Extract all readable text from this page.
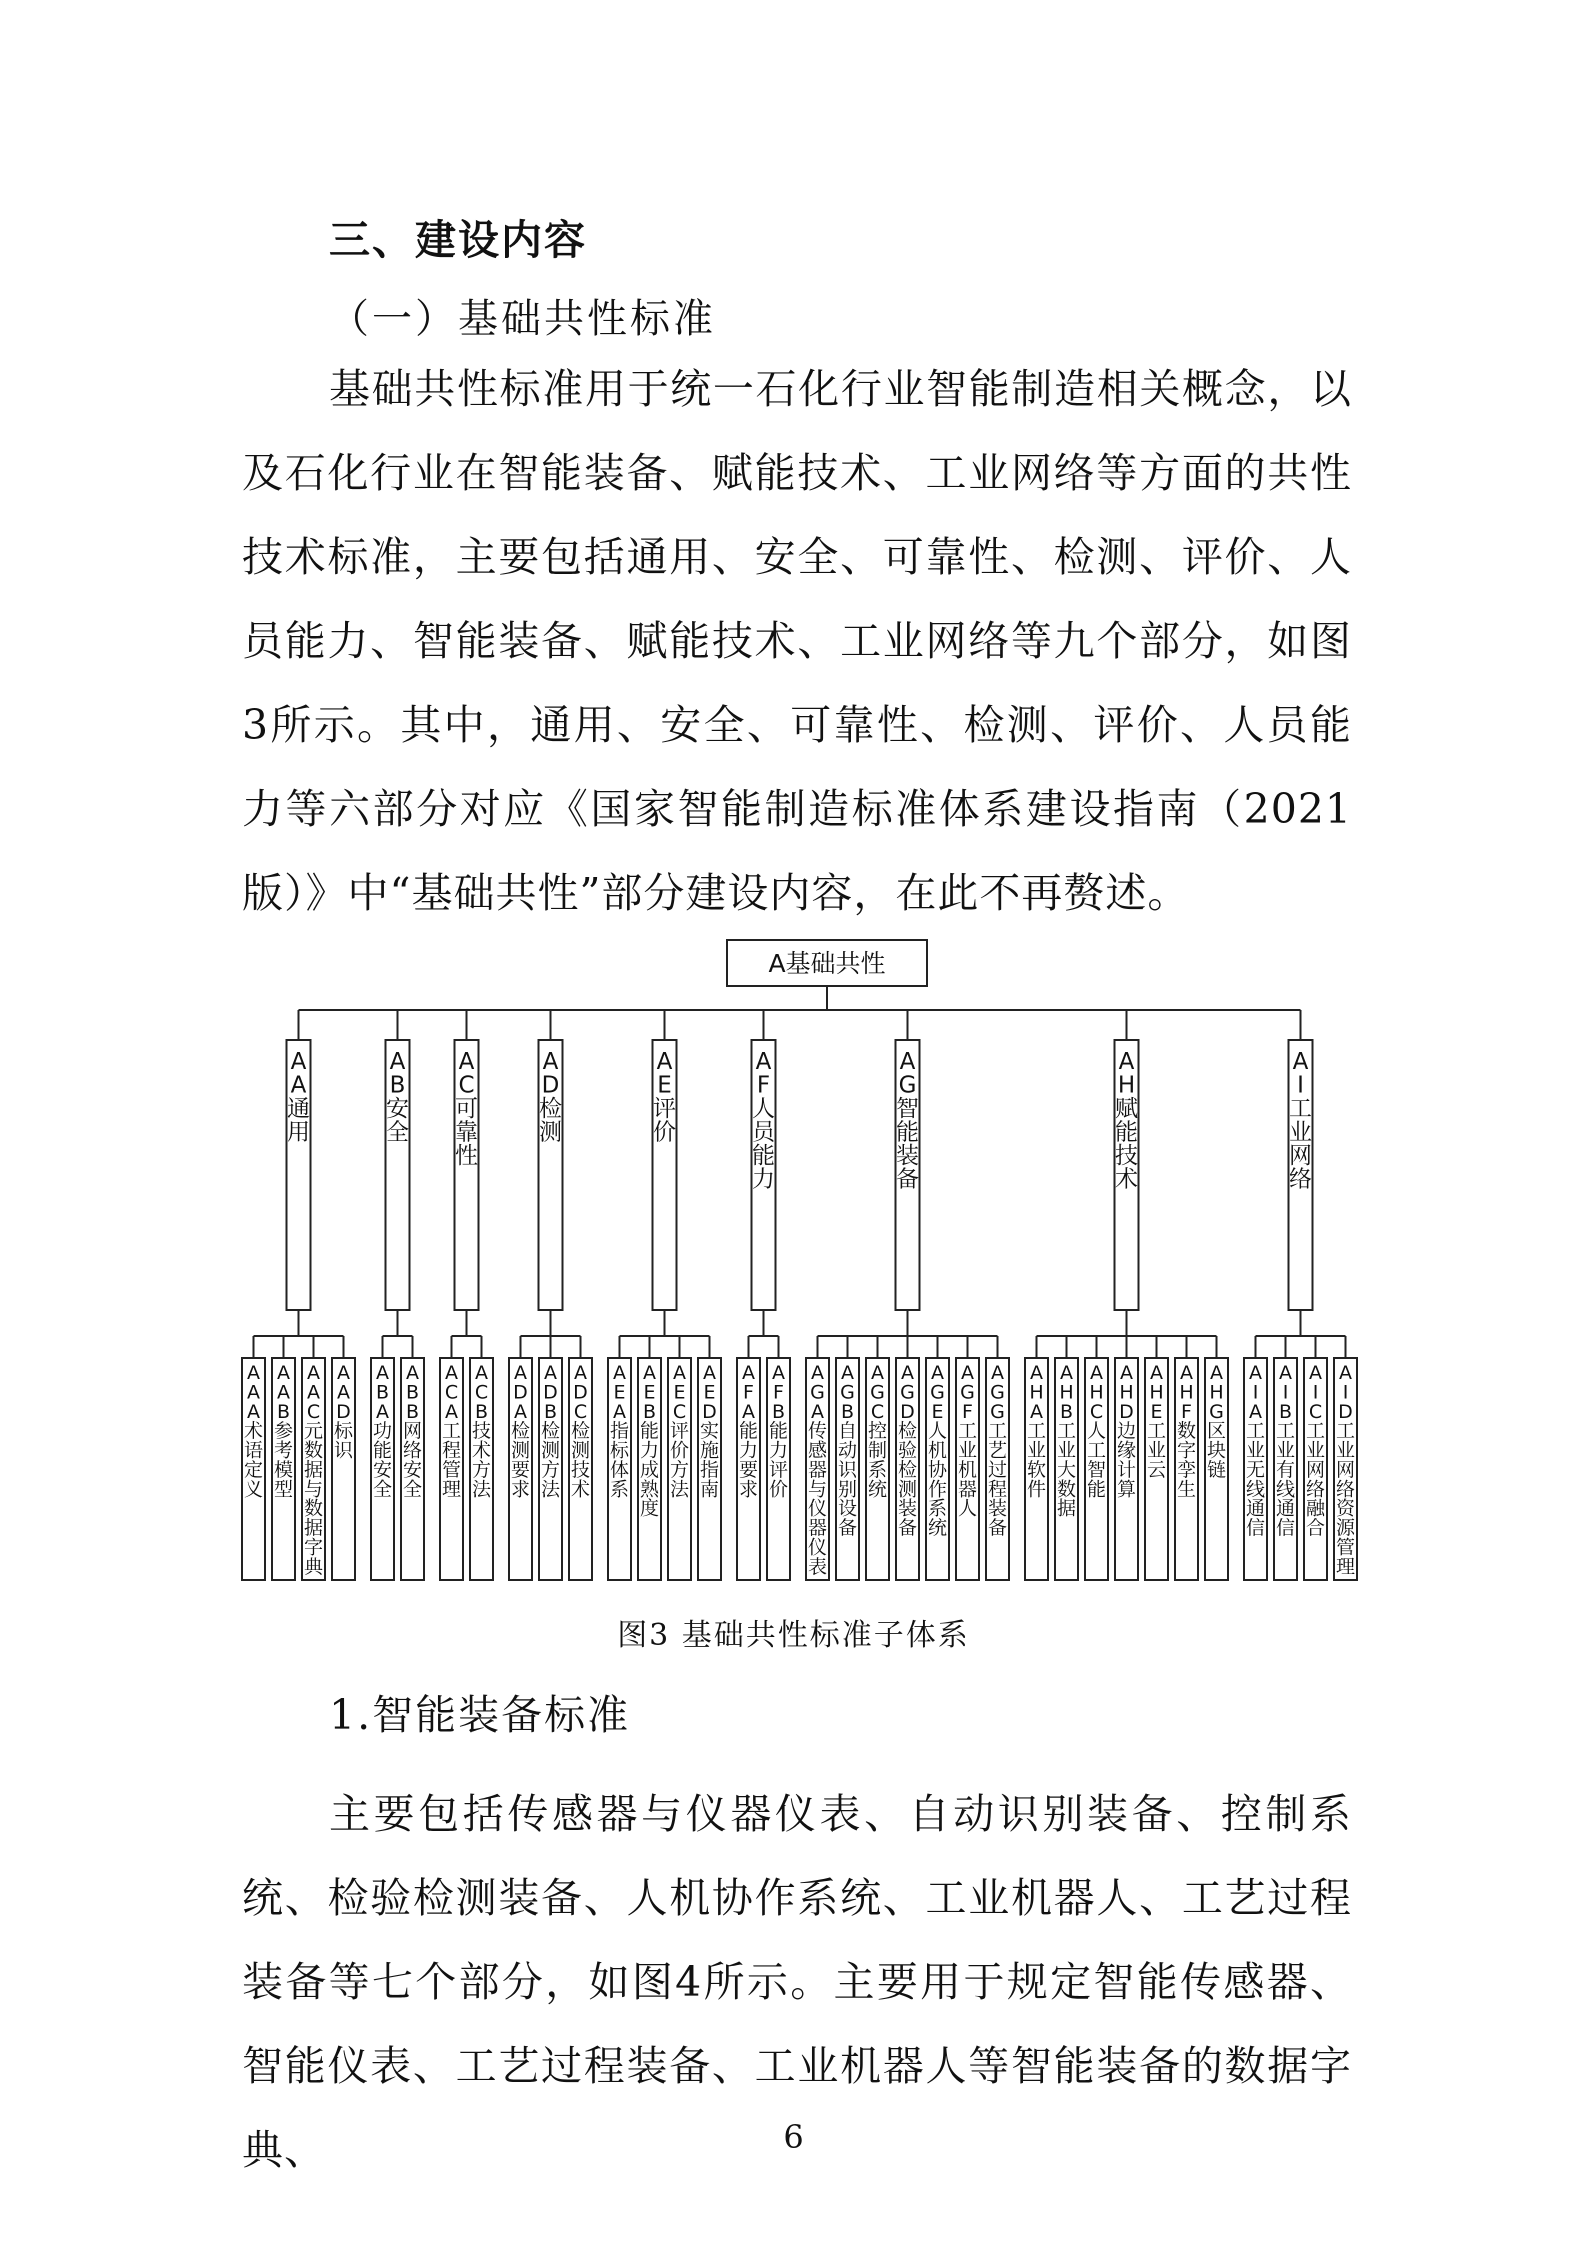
三、建设内容
（一）基础共性标准

基础共性标准用于统一石化行业智能制造相关概念，以及石化行业在智能装备、赋能技术、工业网络等方面的共性技术标准，主要包括通用、安全、可靠性、检测、评价、人员能力、智能装备、赋能技术、工业网络等九个部分，如图3所示。其中，通用、安全、可靠性、检测、评价、人员能力等六部分对应《国家智能制造标准体系建设指南（2021版）》中“基础共性”部分建设内容，在此不再赘述。

A基础共性
A A A 术语定义
A A B 参考模型
A A C 元数据与数据字典
A A D 标识
A A 通用
A B A 功能安全
A B B 网络安全
A B 安全
A C A 工程管理
A C B 技术方法
A C 可靠性
A D A 检测要求
A D B 检测方法
A D C 检测技术
A D 检测
A E A 指标体系
A E B 能力成熟度
A E C 评价方法
A E D 实施指南
A E 评价
A F A 能力要求
A F B 能力评价
A F 人员能力
A G A 传感器与仪器仪表
A G B 自动识别设备
A G C 控制系统
A G D 检验检测装备
A G E 人机协作系统
A G F 工业机器人
A G G 工艺过程装备
A G 智能装备
A H A 工业软件
A H B 工业大数据
A H C 人工智能
A H D 边缘计算
A H E 工业云
A H F 数字孪生
A H G 区块链
A H 赋能技术
A I A 工业无线通信
A I B 工业有线通信
A I C 工业网络融合
A I D 工业网络资源管理
A I 工业网络
图3 基础共性标准子体系
1.智能装备标准

主要包括传感器与仪器仪表、自动识别装备、控制系统、检验检测装备、人机协作系统、工业机器人、工艺过程装备等七个部分，如图4所示。主要用于规定智能传感器、智能仪表、工艺过程装备、工业机器人等智能装备的数据字典、	6
